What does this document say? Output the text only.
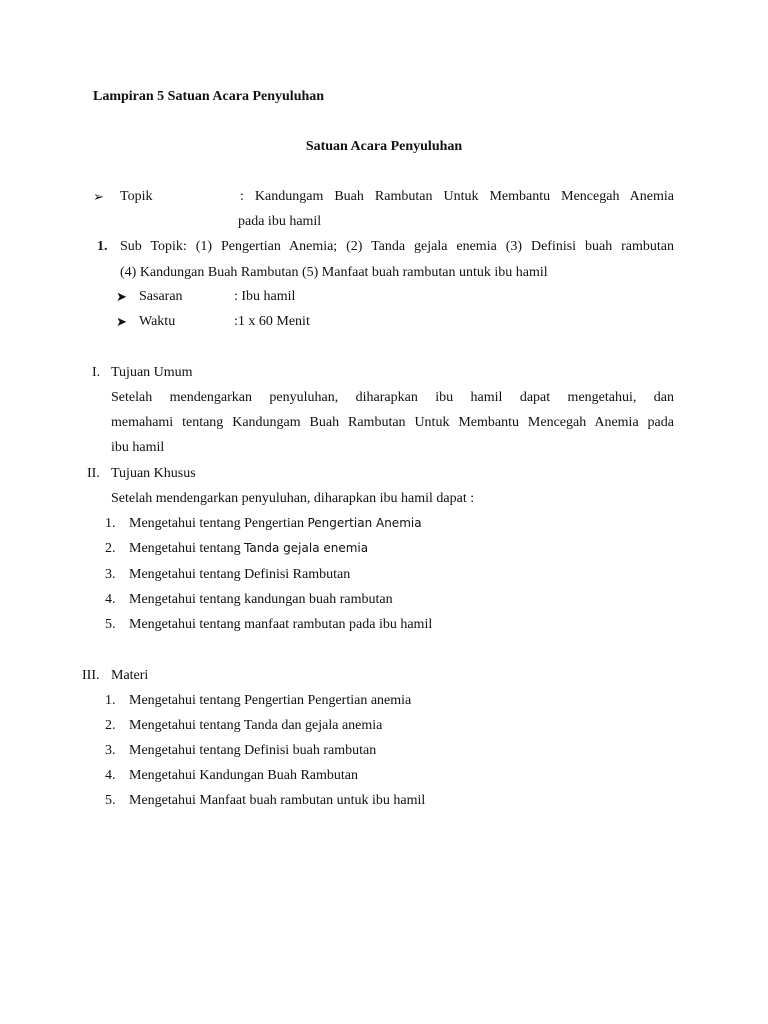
Lampiran 5 Satuan Acara Penyuluhan
Satuan Acara Penyuluhan
➢ Topik	: Kandungam Buah Rambutan Untuk Membantu Mencegah Anemia
pada ibu hamil
1. Sub Topik: (1) Pengertian Anemia; (2) Tanda gejala enemia (3) Definisi buah rambutan
(4) Kandungan Buah Rambutan (5) Manfaat buah rambutan untuk ibu hamil
➤ Sasaran	: Ibu hamil
➤ Waktu	:1 x 60 Menit
I. Tujuan Umum
Setelah mendengarkan penyuluhan, diharapkan ibu hamil dapat mengetahui, dan
memahami tentang Kandungam Buah Rambutan Untuk Membantu Mencegah Anemia pada
ibu hamil
II. Tujuan Khusus
Setelah mendengarkan penyuluhan, diharapkan ibu hamil dapat :
1. Mengetahui tentang Pengertian Pengertian Anemia
2. Mengetahui tentang Tanda gejala enemia
3. Mengetahui tentang Definisi Rambutan
4. Mengetahui tentang kandungan buah rambutan
5. Mengetahui tentang manfaat rambutan pada ibu hamil
III. Materi
1. Mengetahui tentang Pengertian Pengertian anemia
2. Mengetahui tentang Tanda dan gejala anemia
3. Mengetahui tentang Definisi buah rambutan
4. Mengetahui Kandungan Buah Rambutan
5. Mengetahui Manfaat buah rambutan untuk ibu hamil
